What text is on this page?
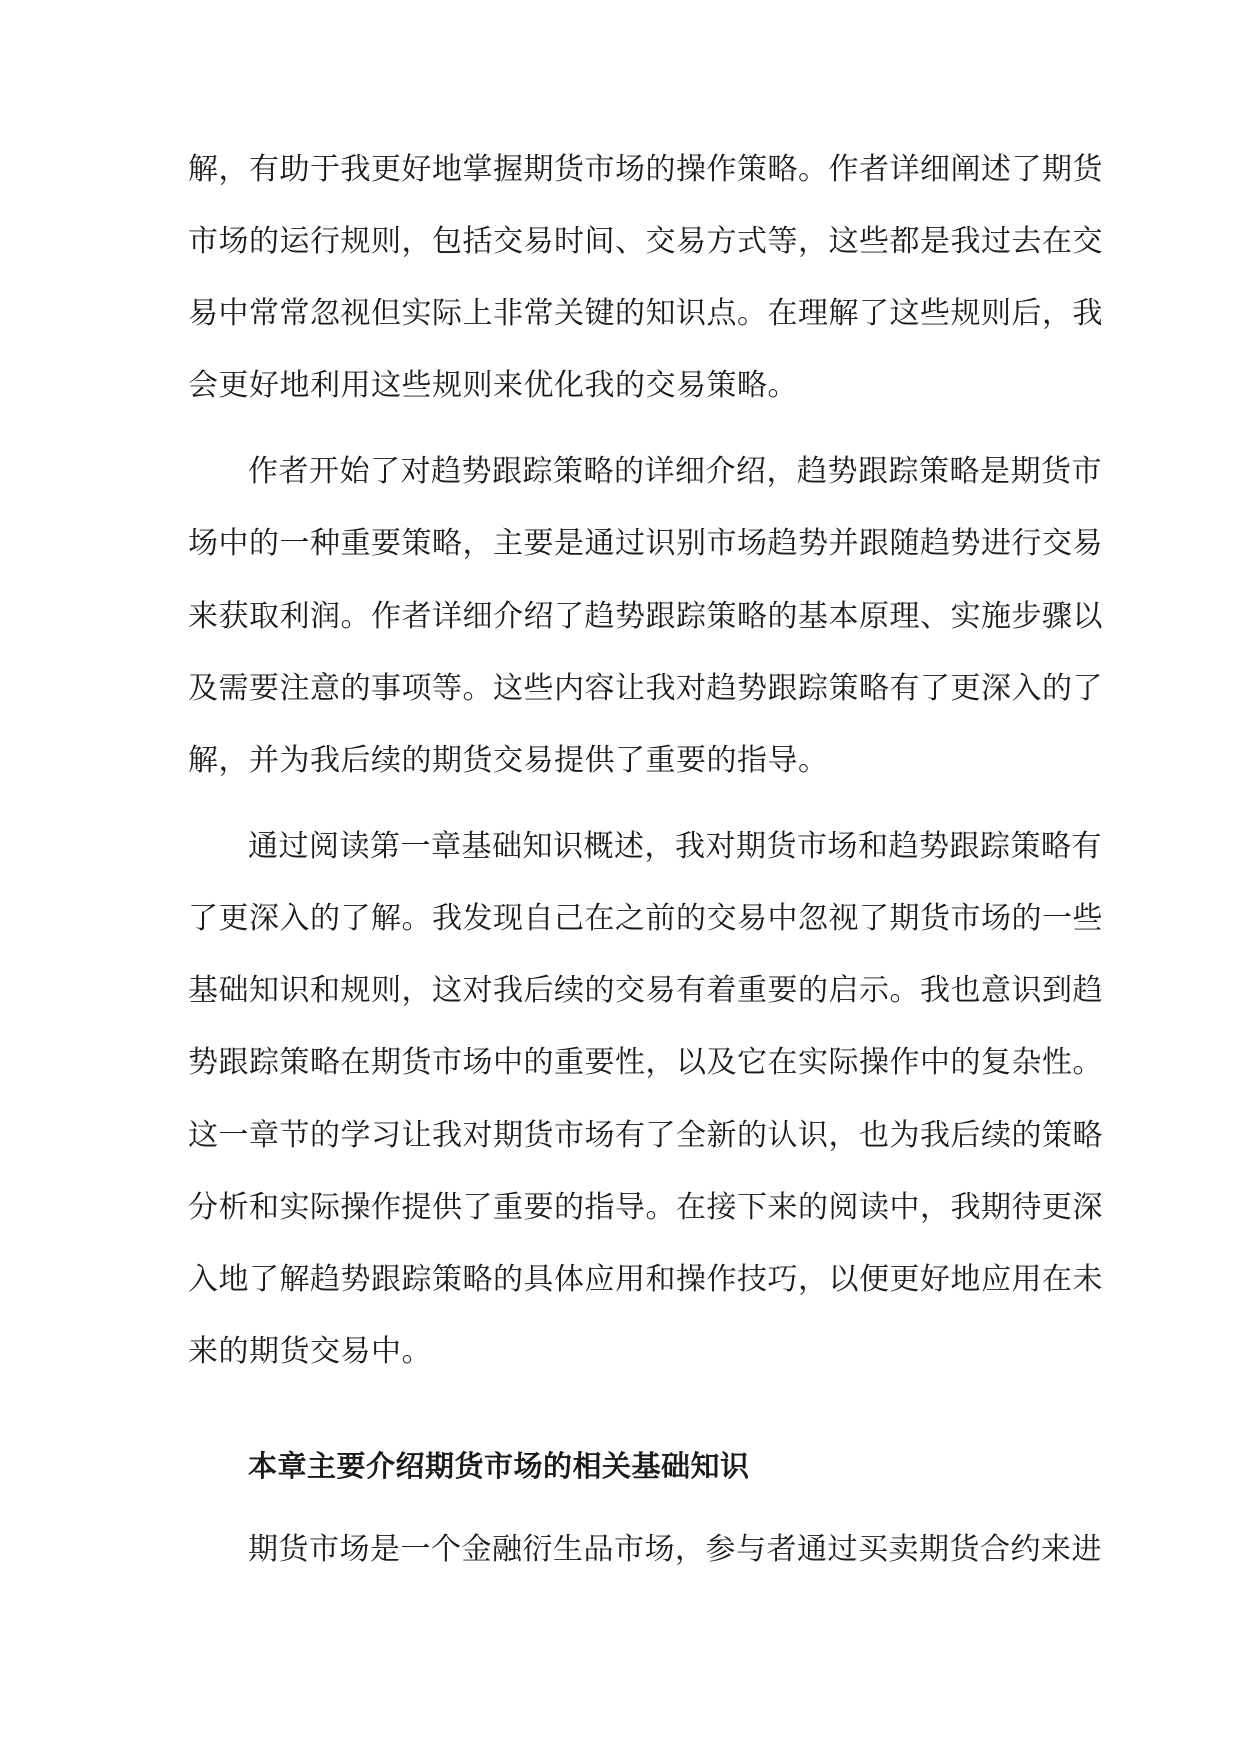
解，有助于我更好地掌握期货市场的操作策略。作者详细阐述了期货
市场的运行规则，包括交易时间、交易方式等，这些都是我过去在交
易中常常忽视但实际上非常关键的知识点。在理解了这些规则后，我
会更好地利用这些规则来优化我的交易策略。
作者开始了对趋势跟踪策略的详细介绍，趋势跟踪策略是期货市
场中的一种重要策略，主要是通过识别市场趋势并跟随趋势进行交易
来获取利润。作者详细介绍了趋势跟踪策略的基本原理、实施步骤以
及需要注意的事项等。这些内容让我对趋势跟踪策略有了更深入的了
解，并为我后续的期货交易提供了重要的指导。
通过阅读第一章基础知识概述，我对期货市场和趋势跟踪策略有
了更深入的了解。我发现自己在之前的交易中忽视了期货市场的一些
基础知识和规则，这对我后续的交易有着重要的启示。我也意识到趋
势跟踪策略在期货市场中的重要性，以及它在实际操作中的复杂性。
这一章节的学习让我对期货市场有了全新的认识，也为我后续的策略
分析和实际操作提供了重要的指导。在接下来的阅读中，我期待更深
入地了解趋势跟踪策略的具体应用和操作技巧，以便更好地应用在未
来的期货交易中。
本章主要介绍期货市场的相关基础知识
期货市场是一个金融衍生品市场，参与者通过买卖期货合约来进
